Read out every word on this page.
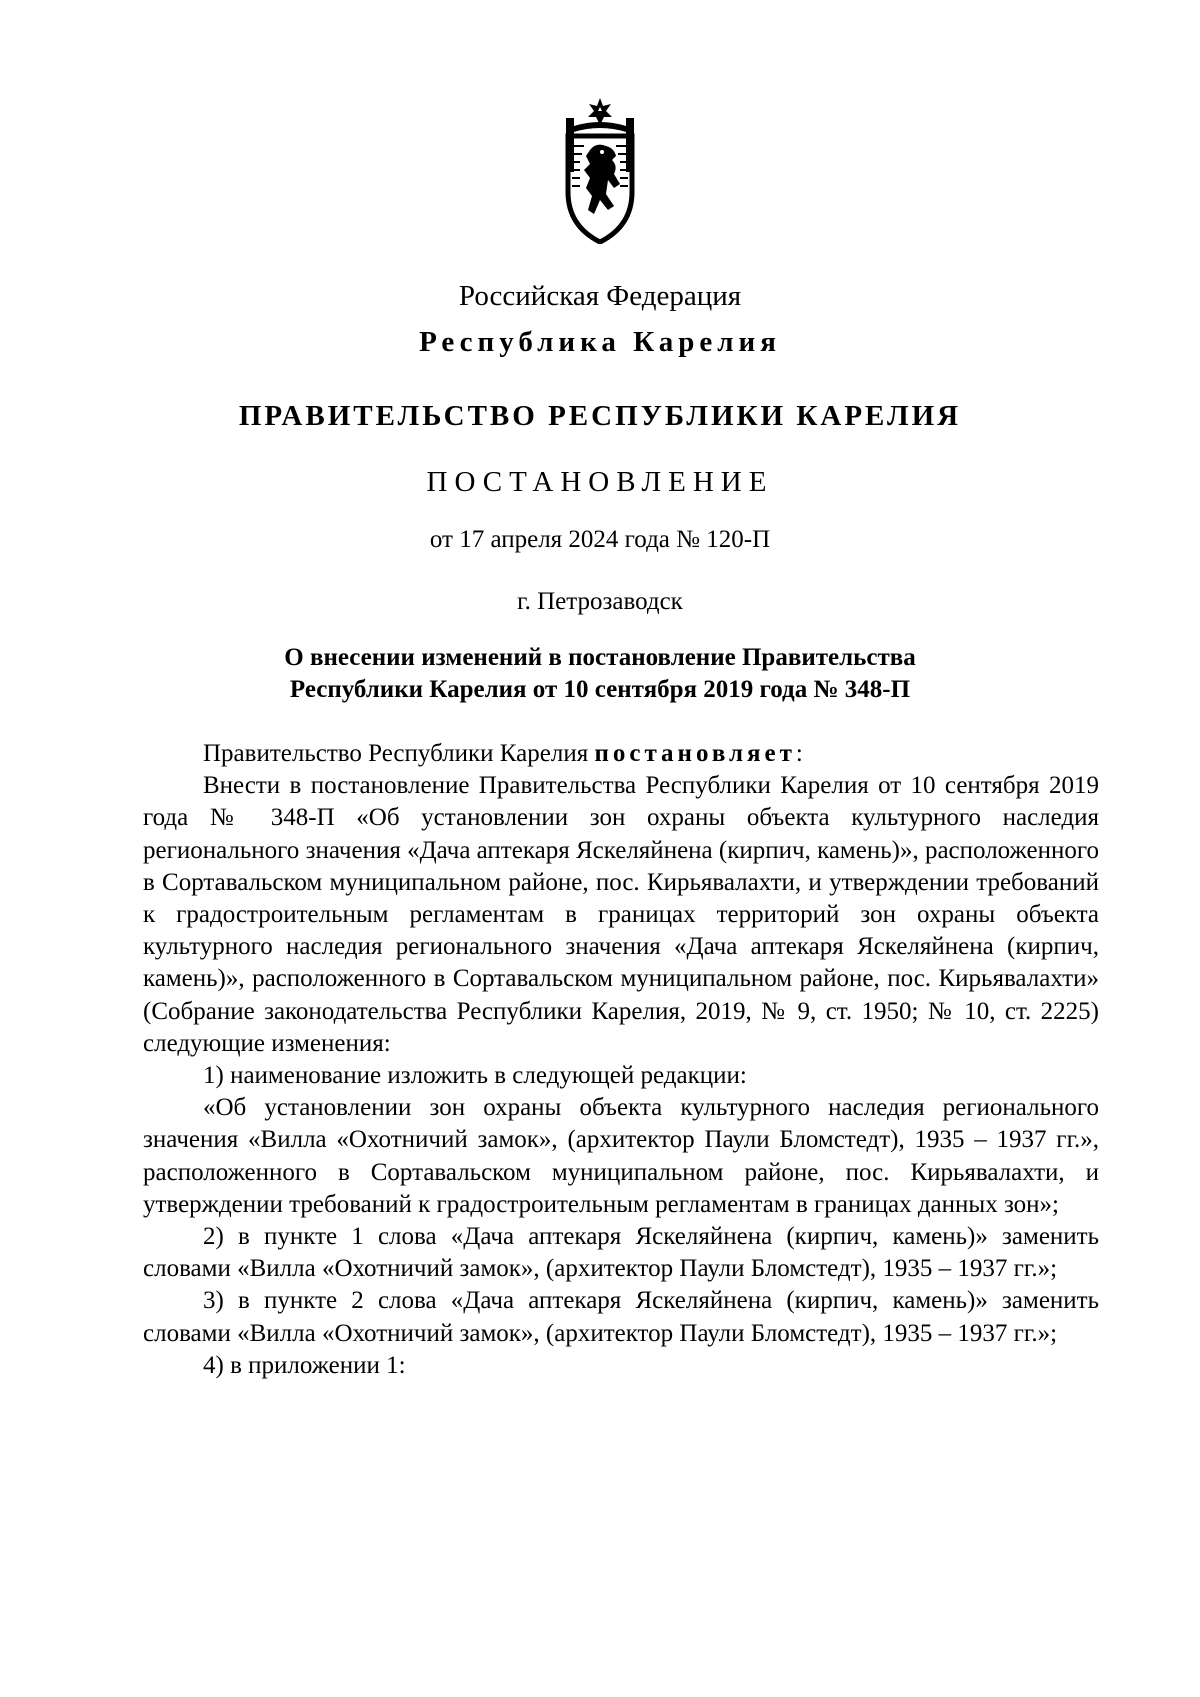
Российская Федерация
Республика Карелия
ПРАВИТЕЛЬСТВО РЕСПУБЛИКИ КАРЕЛИЯ
ПОСТАНОВЛЕНИЕ
от 17 апреля 2024 года № 120-П
г. Петрозаводск
О внесении изменений в постановление Правительства
Республики Карелия от 10 сентября 2019 года № 348-П

Правительство Республики Карелия постановляет:

Внести в постановление Правительства Республики Карелия от 10 сентября 2019 года № 348-П «Об установлении зон охраны объекта культурного наследия регионального значения «Дача аптекаря Яскеляйнена (кирпич, камень)», расположенного в Сортавальском муниципальном районе, пос. Кирьявалахти, и утверждении требований к градостроительным регламентам в границах территорий зон охраны объекта культурного наследия регионального значения «Дача аптекаря Яскеляйнена (кирпич, камень)», расположенного в Сортавальском муниципальном районе, пос. Кирьявалахти» (Собрание законодательства Республики Карелия, 2019, № 9, ст. 1950; № 10, ст. 2225) следующие изменения:

1) наименование изложить в следующей редакции:

«Об установлении зон охраны объекта культурного наследия регионального значения «Вилла «Охотничий замок», (архитектор Паули Бломстедт), 1935 – 1937 гг.», расположенного в Сортавальском муниципальном районе, пос. Кирьявалахти, и утверждении требований к градостроительным регламентам в границах данных зон»;

2) в пункте 1 слова «Дача аптекаря Яскеляйнена (кирпич, камень)» заменить словами «Вилла «Охотничий замок», (архитектор Паули Бломстедт), 1935 – 1937 гг.»;

3) в пункте 2 слова «Дача аптекаря Яскеляйнена (кирпич, камень)» заменить словами «Вилла «Охотничий замок», (архитектор Паули Бломстедт), 1935 – 1937 гг.»;

4) в приложении 1:
